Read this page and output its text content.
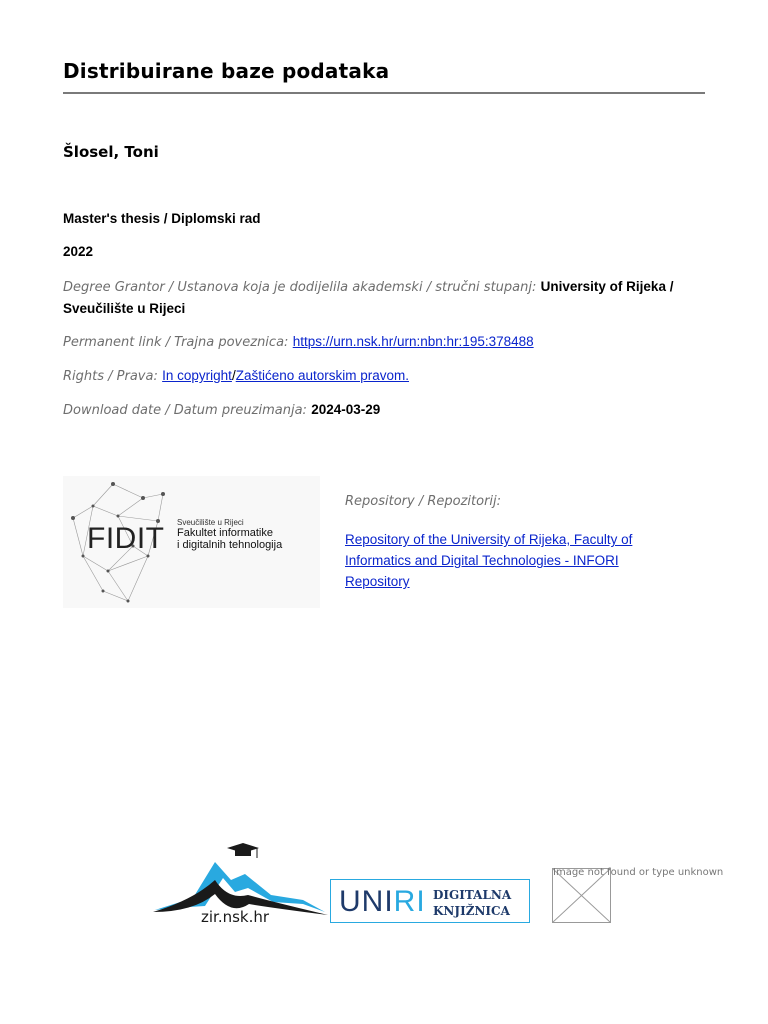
Distribuirane baze podataka
Šlosel, Toni
Master's thesis / Diplomski rad
2022
Degree Grantor / Ustanova koja je dodijelila akademski / stručni stupanj: University of Rijeka / Sveučilište u Rijeci
Permanent link / Trajna poveznica: https://urn.nsk.hr/urn:nbn:hr:195:378488
Rights / Prava: In copyright/Zaštićeno autorskim pravom.
Download date / Datum preuzimanja: 2024-03-29
FIDIT Sveučilište u Rijeci
Fakultet informatike
i digitalnih tehnologija
Repository / Repozitorij:
Repository of the University of Rijeka, Faculty of Informatics and Digital Technologies - INFORI Repository
zir.nsk.hr UNIRI DIGITALNA
KNJIŽNICA
Image not found or type unknown
